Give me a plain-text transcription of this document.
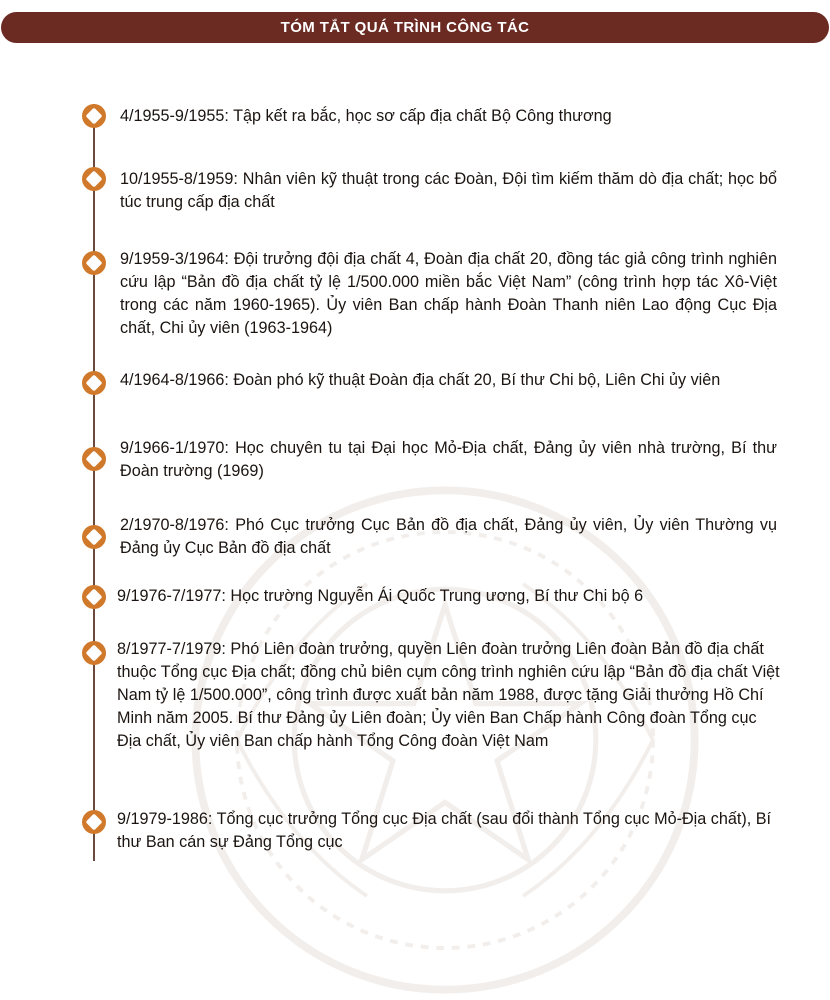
TÓM TẮT QUÁ TRÌNH CÔNG TÁC

4/1955-9/1955: Tập kết ra bắc, học sơ cấp địa chất Bộ Công thương

10/1955-8/1959: Nhân viên kỹ thuật trong các Đoàn, Đội tìm kiếm thăm dò địa chất; học bổ túc trung cấp địa chất

9/1959-3/1964: Đội trưởng đội địa chất 4, Đoàn địa chất 20, đồng tác giả công trình nghiên cứu lập “Bản đồ địa chất tỷ lệ 1/500.000 miền bắc Việt Nam” (công trình hợp tác Xô-Việt trong các năm 1960-1965). Ủy viên Ban chấp hành Đoàn Thanh niên Lao động Cục Địa chất, Chi ủy viên (1963-1964)

4/1964-8/1966: Đoàn phó kỹ thuật Đoàn địa chất 20, Bí thư Chi bộ, Liên Chi ủy viên

9/1966-1/1970: Học chuyên tu tại Đại học Mỏ-Địa chất, Đảng ủy viên nhà trường, Bí thư Đoàn trường (1969)

2/1970-8/1976: Phó Cục trưởng Cục Bản đồ địa chất, Đảng ủy viên, Ủy viên Thường vụ Đảng ủy Cục Bản đồ địa chất

9/1976-7/1977: Học trường Nguyễn Ái Quốc Trung ương, Bí thư Chi bộ 6

8/1977-7/1979: Phó Liên đoàn trưởng, quyền Liên đoàn trưởng Liên đoàn Bản đồ địa chất thuộc Tổng cục Địa chất; đồng chủ biên cụm công trình nghiên cứu lập “Bản đồ địa chất Việt Nam tỷ lệ 1/500.000”, công trình được xuất bản năm 1988, được tặng Giải thưởng Hồ Chí Minh năm 2005. Bí thư Đảng ủy Liên đoàn; Ủy viên Ban Chấp hành Công đoàn Tổng cục Địa chất, Ủy viên Ban chấp hành Tổng Công đoàn Việt Nam

9/1979-1986: Tổng cục trưởng Tổng cục Địa chất (sau đổi thành Tổng cục Mỏ-Địa chất), Bí thư Ban cán sự Đảng Tổng cục
